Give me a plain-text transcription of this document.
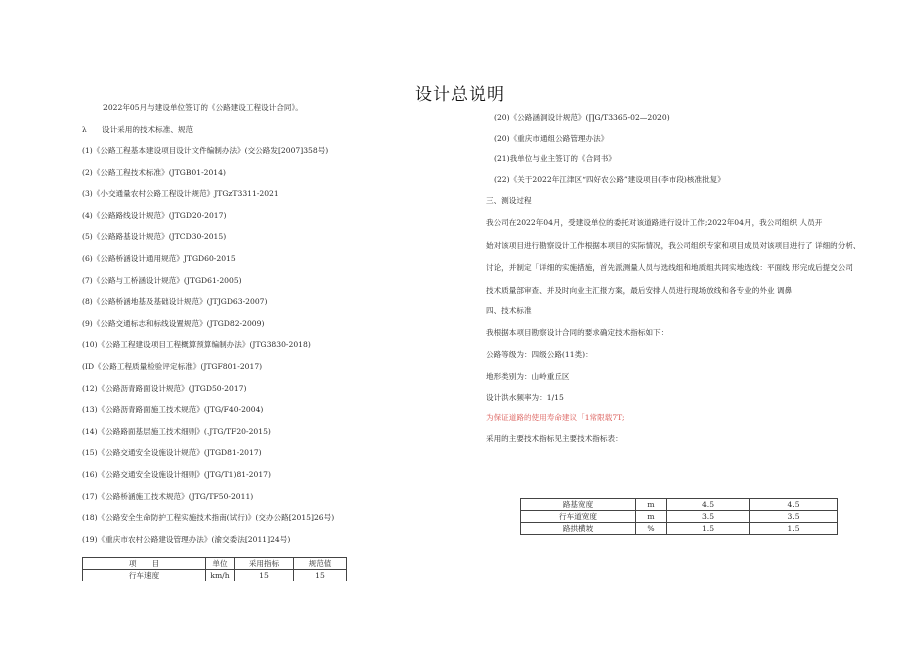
设计总说明
2022年05月与建设单位签订的《公路建设工程设计合同》。
λ　　设计采用的技术标准、规范
(1)《公路工程基本建设项目设计文件编制办法》(交公路发[2007]358号)
(2)《公路工程技术标准》(JTGB01-2014)
(3)《小交通量农村公路工程设计规范》JTGzT3311-2021
(4)《公路路线设计规范》(JTGD20-2017)
(5)《公路路基设计规范》(JTCD30-2015)
(6)《公路桥涵设计通用规范》JTGD60-2015
(7)《公路与工桥涵设计规范》(JTGD61-2005)
(8)《公路桥涵地基及基础设计规范》(JTJGD63-2007)
(9)《公路交通标志和标线设置规范》(JTGD82-2009)
(10)《公路工程建设项目工程概算预算编制办法》(JTG3830-2018)
(ID《公路工程质量检验评定标准》(JTGF801-2017)
(12)《公路沥青路面设计规范》(JTGD50-2017)
(13)《公路沥青路面施工技术规范》(JTG/F40-2004)
(14)《公路路面基层施工技术细则》(.JTG/TF20-2015)
(15)《公路交通安全设施设计规范》(JTGD81-2017)
(16)《公路交通安全设施设计细则》(JTG/T1)81-2017)
(17)《公路桥涵施工技术规范》(JTG/TF50-2011)
(18)《公路安全生命防护工程实施技术指南(试行)》(交办公路[2015]26号)
(19)《重庆市农村公路建设管理办法》(渝交委法[2011]24号)
项　　目	单位	采用指标	规范值
行车速度	km/h	15	15
(20)《公路涵洞设计规范》(∏G/T3365-02—2020)
(20)《重庆市通组公路管理办法》
(21)我单位与业主签订的《合同书》
(22)《关于2022年江津区“四好农公路”建设项目(李市段)核准批复》
三、测设过程
我公司在2022年04月，受建设单位的委托对该道路进行设计工作;2022年04月，我公司组织 人员开
始对该项目进行勘察设计工作根据本项目的实际情况，我公司组织专家和项目成员对该项目进行了 详细的分析、
讨论，并制定「详细的实施措施，首先派测量人员与选线组和地质组共同实地选线：平面线 形完成后提交公司
技术质量部审查、并及时向业主汇报方案，最后安排人员进行现场放线和各专业的外业 调鼻
四、技术标准
我根据本项目勘察设计合同的要求确定技术指标如下：
公路等级为：四级公路(11类)：
地形类别为：山岭重丘区
设计洪水频率为：1/15
为保证道路的使用寿命建议「1常限载7T;
采用的主要技术指标见主要技术指标表：
路基宽度	m	4.5	4.5
行车道宽度	m	3.5	3.5
路拱横坡	%	1.5	1.5
